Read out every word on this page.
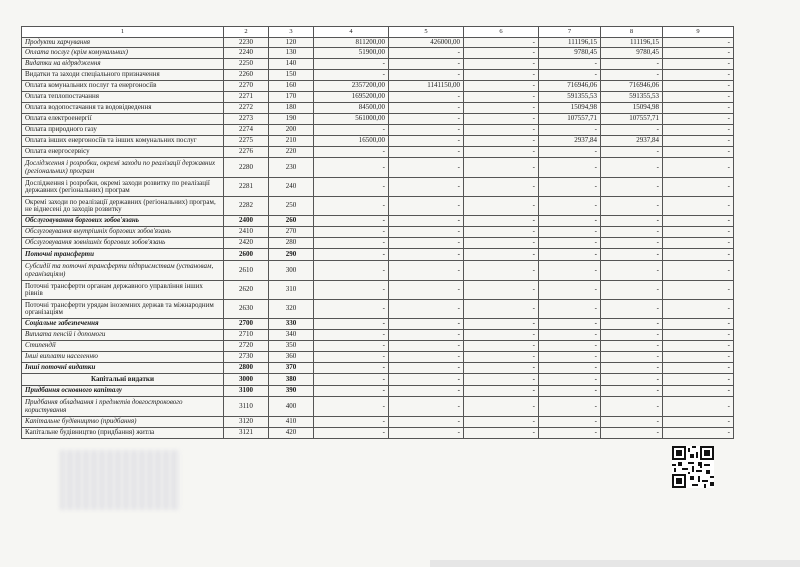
1	2	3	4	5	6	7	8	9
Продукти харчування	2230	120	811200,00	426000,00	-	111196,15	111196,15	-
Оплата послуг (крім комунальних)	2240	130	51900,00	-	-	9780,45	9780,45	-
Видатки на відрядження	2250	140	-	-	-	-	-	-
Видатки та заходи спеціального призначення	2260	150	-	-	-	-	-	-
Оплата комунальних послуг та енергоносіїв	2270	160	2357200,00	1141150,00	-	716946,06	716946,06	-
Оплата теплопостачання	2271	170	1695200,00	-	-	591355,53	591355,53	-
Оплата водопостачання та водовідведення	2272	180	84500,00	-	-	15094,98	15094,98	-
Оплата електроенергії	2273	190	561000,00	-	-	107557,71	107557,71	-
Оплата природного газу	2274	200	-	-	-	-	-	-
Оплата інших енергоносіїв та інших комунальних послуг	2275	210	16500,00	-	-	2937,84	2937,84	-
Оплата енергосервісу	2276	220	-	-	-	-	-	-
Дослідження і розробки, окремі заходи по реалізації державних (регіональних) програм	2280	230	-	-	-	-	-	-
Дослідження і розробки, окремі заходи розвитку по реалізації державних (регіональних) програм	2281	240	-	-	-	-	-	-
Окремі заходи по реалізації державних (регіональних) програм, не віднесені до заходів розвитку	2282	250	-	-	-	-	-	-
Обслуговування боргових зобов'язань	2400	260	-	-	-	-	-	-
Обслуговування внутрішніх боргових зобов'язань	2410	270	-	-	-	-	-	-
Обслуговування зовнішніх боргових зобов'язань	2420	280	-	-	-	-	-	-
Поточні трансферти	2600	290	-	-	-	-	-	-
Субсидії та поточні трансферти підприємствам (установам, організаціям)	2610	300	-	-	-	-	-	-
Поточні трансферти органам державного управління інших рівнів	2620	310	-	-	-	-	-	-
Поточні трансферти урядам іноземних держав та міжнародним організаціям	2630	320	-	-	-	-	-	-
Соціальне забезпечення	2700	330	-	-	-	-	-	-
Виплата пенсій і допомоги	2710	340	-	-	-	-	-	-
Стипендії	2720	350	-	-	-	-	-	-
Інші виплати населенню	2730	360	-	-	-	-	-	-
Інші поточні видатки	2800	370	-	-	-	-	-	-
Капітальні видатки	3000	380	-	-	-	-	-	-
Придбання основного капіталу	3100	390	-	-	-	-	-	-
Придбання обладнання і предметів довгострокового користування	3110	400	-	-	-	-	-	-
Капітальне будівництво (придбання)	3120	410	-	-	-	-	-	-
Капітальне будівництво (придбання) житла	3121	420	-	-	-	-	-	-
